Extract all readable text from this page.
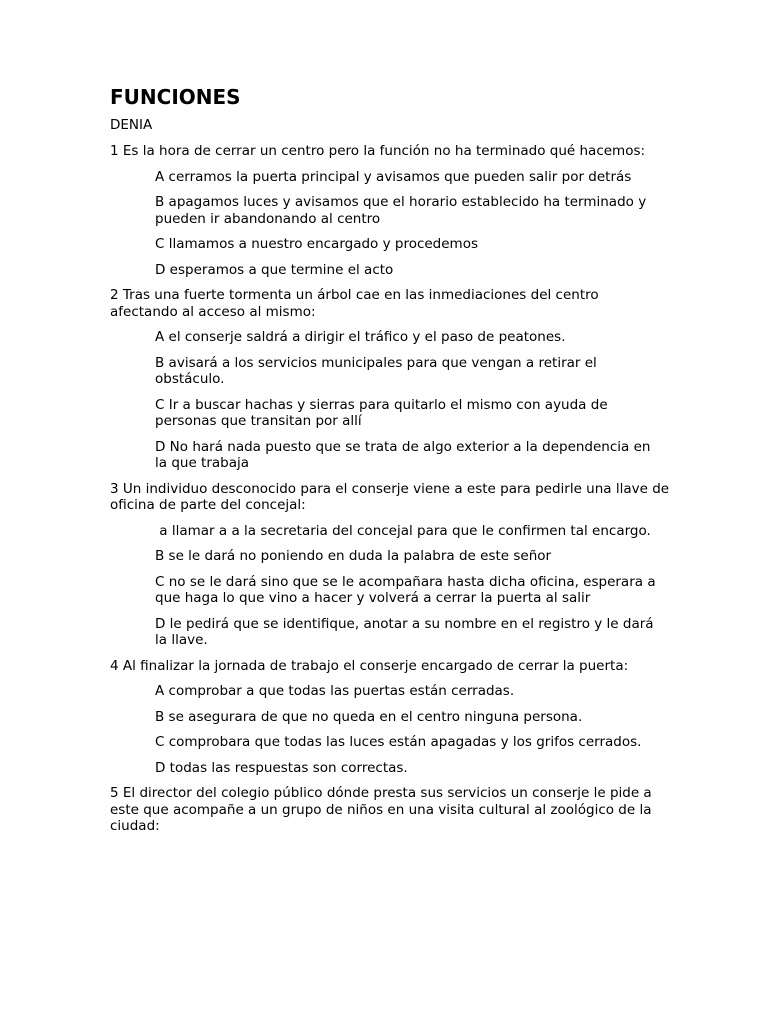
FUNCIONES
DENIA
1 Es la hora de cerrar un centro pero la función no ha terminado qué hacemos:
A cerramos la puerta principal y avisamos que pueden salir por detrás
B apagamos luces y avisamos que el horario establecido ha terminado y pueden ir abandonando al centro
C llamamos a nuestro encargado y procedemos
D esperamos a que termine el acto
2 Tras una fuerte tormenta un árbol cae en las inmediaciones del centro afectando al acceso al mismo:
A el conserje saldrá a dirigir el tráfico y el paso de peatones.
B avisará a los servicios municipales para que vengan a retirar el obstáculo.
C Ir a buscar hachas y sierras para quitarlo el mismo con ayuda de personas que transitan por allí
D No hará nada puesto que se trata de algo exterior a la dependencia en la que trabaja
3 Un individuo desconocido para el conserje viene a este para pedirle una llave de oficina de parte del concejal:
a llamar a a la secretaria del concejal para que le confirmen tal encargo.
B se le dará no poniendo en duda la palabra de este señor
C no se le dará sino que se le acompañara hasta dicha oficina, esperara a que haga lo que vino a hacer y volverá a cerrar la puerta al salir
D le pedirá que se identifique, anotar a su nombre en el registro y le dará la llave.
4 Al finalizar la jornada de trabajo el conserje encargado de cerrar la puerta:
A comprobar a que todas las puertas están cerradas.
B se asegurara de que no queda en el centro ninguna persona.
C comprobara que todas las luces están apagadas y los grifos cerrados.
D todas las respuestas son correctas.
5 El director del colegio público dónde presta sus servicios un conserje le pide a este que acompañe a un grupo de niños en una visita cultural al zoológico de la ciudad:
